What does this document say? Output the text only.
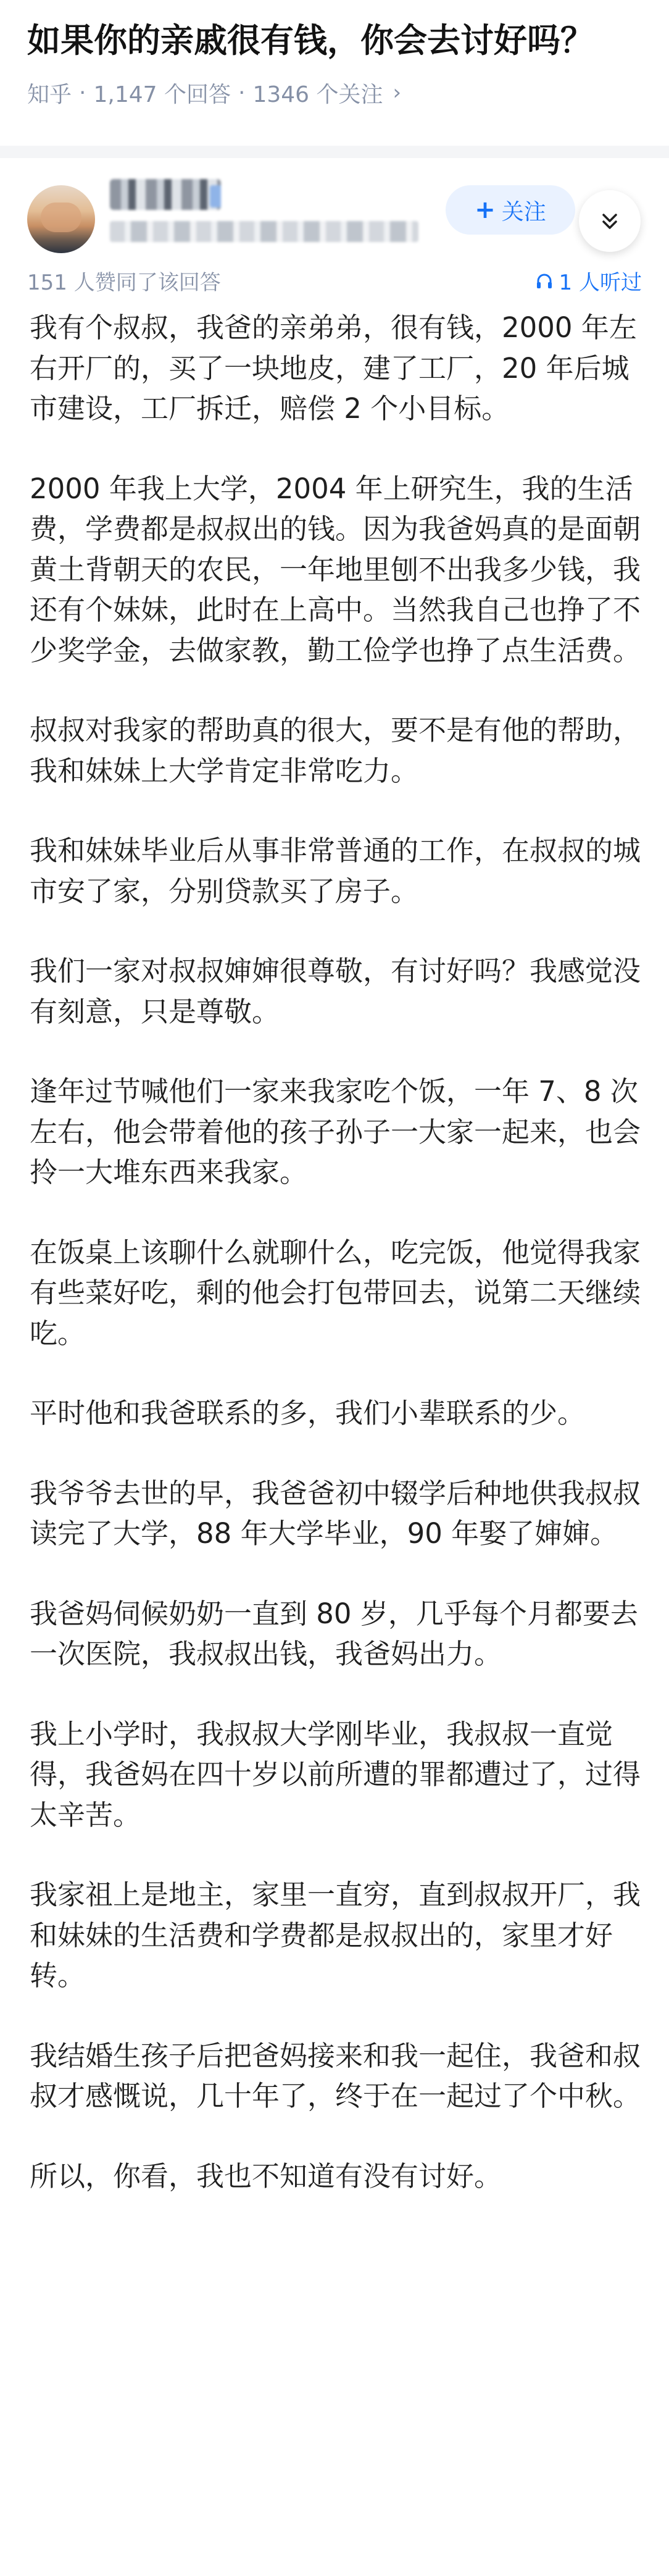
如果你的亲戚很有钱，你会去讨好吗？
知乎 · 1,147 个回答 · 1346 个关注 ›
+ 关注
151 人赞同了该回答	1 人听过

我有个叔叔，我爸的亲弟弟，很有钱，2000 年左右开厂的，买了一块地皮，建了工厂，20 年后城市建设，工厂拆迁，赔偿 2 个小目标。

2000 年我上大学，2004 年上研究生，我的生活费，学费都是叔叔出的钱。因为我爸妈真的是面朝黄土背朝天的农民，一年地里刨不出我多少钱，我还有个妹妹，此时在上高中。当然我自己也挣了不少奖学金，去做家教，勤工俭学也挣了点生活费。

叔叔对我家的帮助真的很大，要不是有他的帮助，我和妹妹上大学肯定非常吃力。

我和妹妹毕业后从事非常普通的工作，在叔叔的城市安了家，分别贷款买了房子。

我们一家对叔叔婶婶很尊敬，有讨好吗？我感觉没有刻意，只是尊敬。

逢年过节喊他们一家来我家吃个饭，一年 7、8 次左右，他会带着他的孩子孙子一大家一起来，也会拎一大堆东西来我家。

在饭桌上该聊什么就聊什么，吃完饭，他觉得我家有些菜好吃，剩的他会打包带回去，说第二天继续吃。

平时他和我爸联系的多，我们小辈联系的少。

我爷爷去世的早，我爸爸初中辍学后种地供我叔叔读完了大学，88 年大学毕业，90 年娶了婶婶。

我爸妈伺候奶奶一直到 80 岁，几乎每个月都要去一次医院，我叔叔出钱，我爸妈出力。

我上小学时，我叔叔大学刚毕业，我叔叔一直觉得，我爸妈在四十岁以前所遭的罪都遭过了，过得太辛苦。

我家祖上是地主，家里一直穷，直到叔叔开厂，我和妹妹的生活费和学费都是叔叔出的，家里才好转。

我结婚生孩子后把爸妈接来和我一起住，我爸和叔叔才感慨说，几十年了，终于在一起过了个中秋。

所以，你看，我也不知道有没有讨好。
